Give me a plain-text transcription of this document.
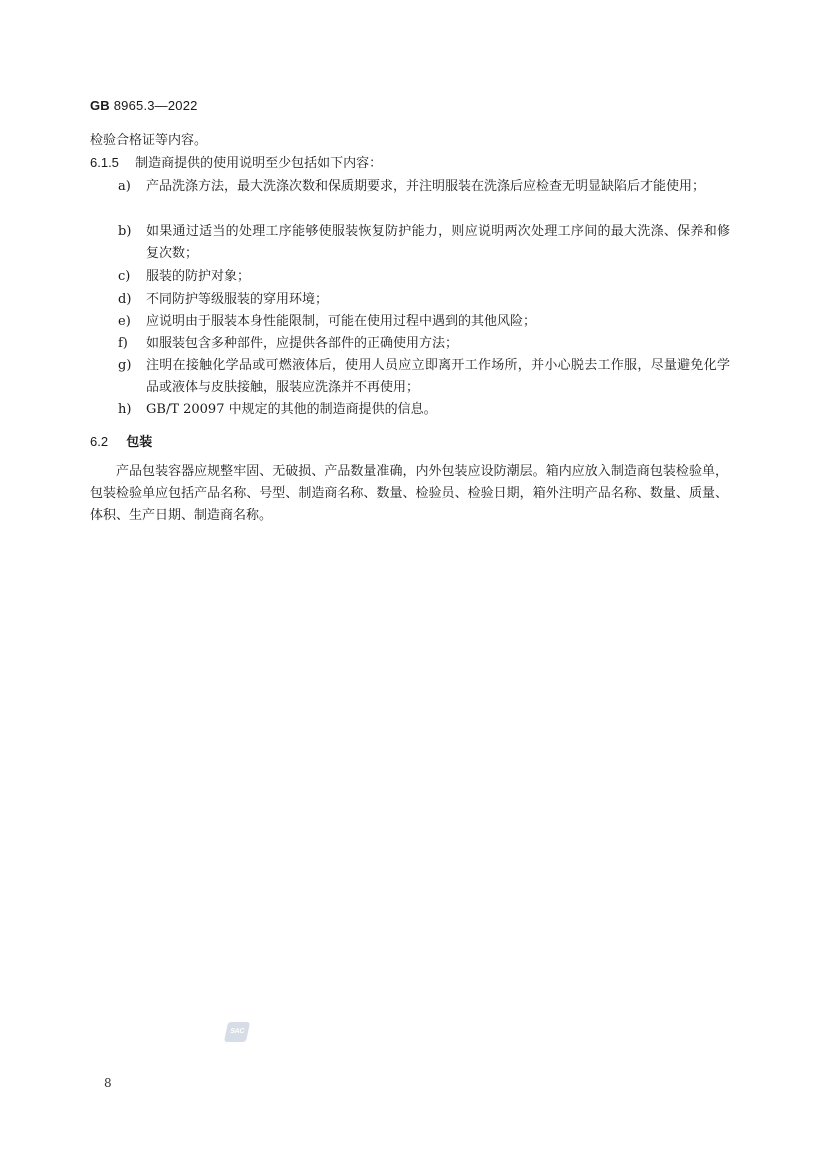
GB 8965.3—2022
检验合格证等内容。
6.1.5 制造商提供的使用说明至少包括如下内容：
a)	产品洗涤方法，最大洗涤次数和保质期要求，并注明服装在洗涤后应检查无明显缺陷后才能使用；
b)	如果通过适当的处理工序能够使服装恢复防护能力，则应说明两次处理工序间的最大洗涤、保养和修复次数；
c)	服装的防护对象；
d)	不同防护等级服装的穿用环境；
e)	应说明由于服装本身性能限制，可能在使用过程中遇到的其他风险；
f)	如服装包含多种部件，应提供各部件的正确使用方法；
g)	注明在接触化学品或可燃液体后，使用人员应立即离开工作场所，并小心脱去工作服，尽量避免化学品或液体与皮肤接触，服装应洗涤并不再使用；
h)	GB/T 20097 中规定的其他的制造商提供的信息。
6.2 包装
产品包装容器应规整牢固、无破损、产品数量准确，内外包装应设防潮层。箱内应放入制造商包装检验单，包装检验单应包括产品名称、号型、制造商名称、数量、检验员、检验日期，箱外注明产品名称、数量、质量、体积、生产日期、制造商名称。
SAC
8
